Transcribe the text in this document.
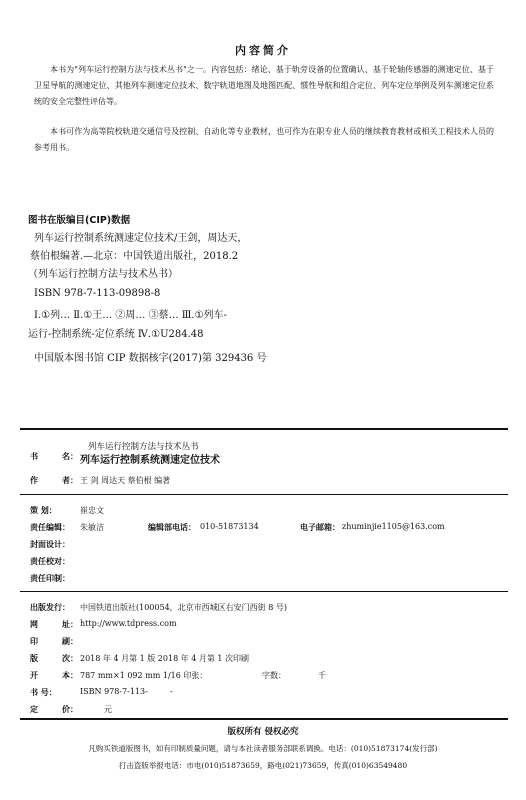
内容简介
本书为"列车运行控制方法与技术丛书"之一。内容包括：绪论、基于轨旁设备的位置确认、基于轮轴传感器的测速定位、基于卫星导航的测速定位、其他列车测速定位技术、数字轨道地图及地图匹配、惯性导航和组合定位、列车定位举例及列车测速定位系统的安全完整性评估等。
本书可作为高等院校轨道交通信号及控制、自动化等专业教材，也可作为在职专业人员的继续教育教材或相关工程技术人员的参考用书。
图书在版编目(CIP)数据
列车运行控制系统测速定位技术/王剑，周达天，
蔡伯根编著.—北京：中国铁道出版社，2018.2
（列车运行控制方法与技术丛书）
ISBN 978-7-113-09898-8
Ⅰ.①列… Ⅱ.①王… ②周… ③蔡… Ⅲ.①列车-
运行-控制系统-定位系统 Ⅳ.①U284.48
中国版本图书馆 CIP 数据核字(2017)第 329436 号
列车运行控制方法与技术丛书
书	名： 列车运行控制系统测速定位技术
作	者： 王 剑 周达天 蔡伯根 编著
策 划：	崔忠文
责任编辑： 朱敏洁	编辑部电话： 010-51873134	电子邮箱： zhuminjie1105@163.com
封面设计：
责任校对：
责任印制：
出版发行： 中国铁道出版社(100054，北京市西城区右安门西街 8 号)
网	址： http://www.tdpress.com
印	刷：
版	次： 2018 年 4 月第 1 版 2018 年 4 月第 1 次印刷
开	本： 787 mm×1 092 mm 1/16 印张：	字数：	千
书 号：	ISBN 978-7-113-	-
定	价：	元
版权所有 侵权必究
凡购买铁道版图书，如有印制质量问题，请与本社读者服务部联系调换。电话：(010)51873174(发行部)
打击盗版举报电话：市电(010)51873659，路电(021)73659，传真(010)63549480
